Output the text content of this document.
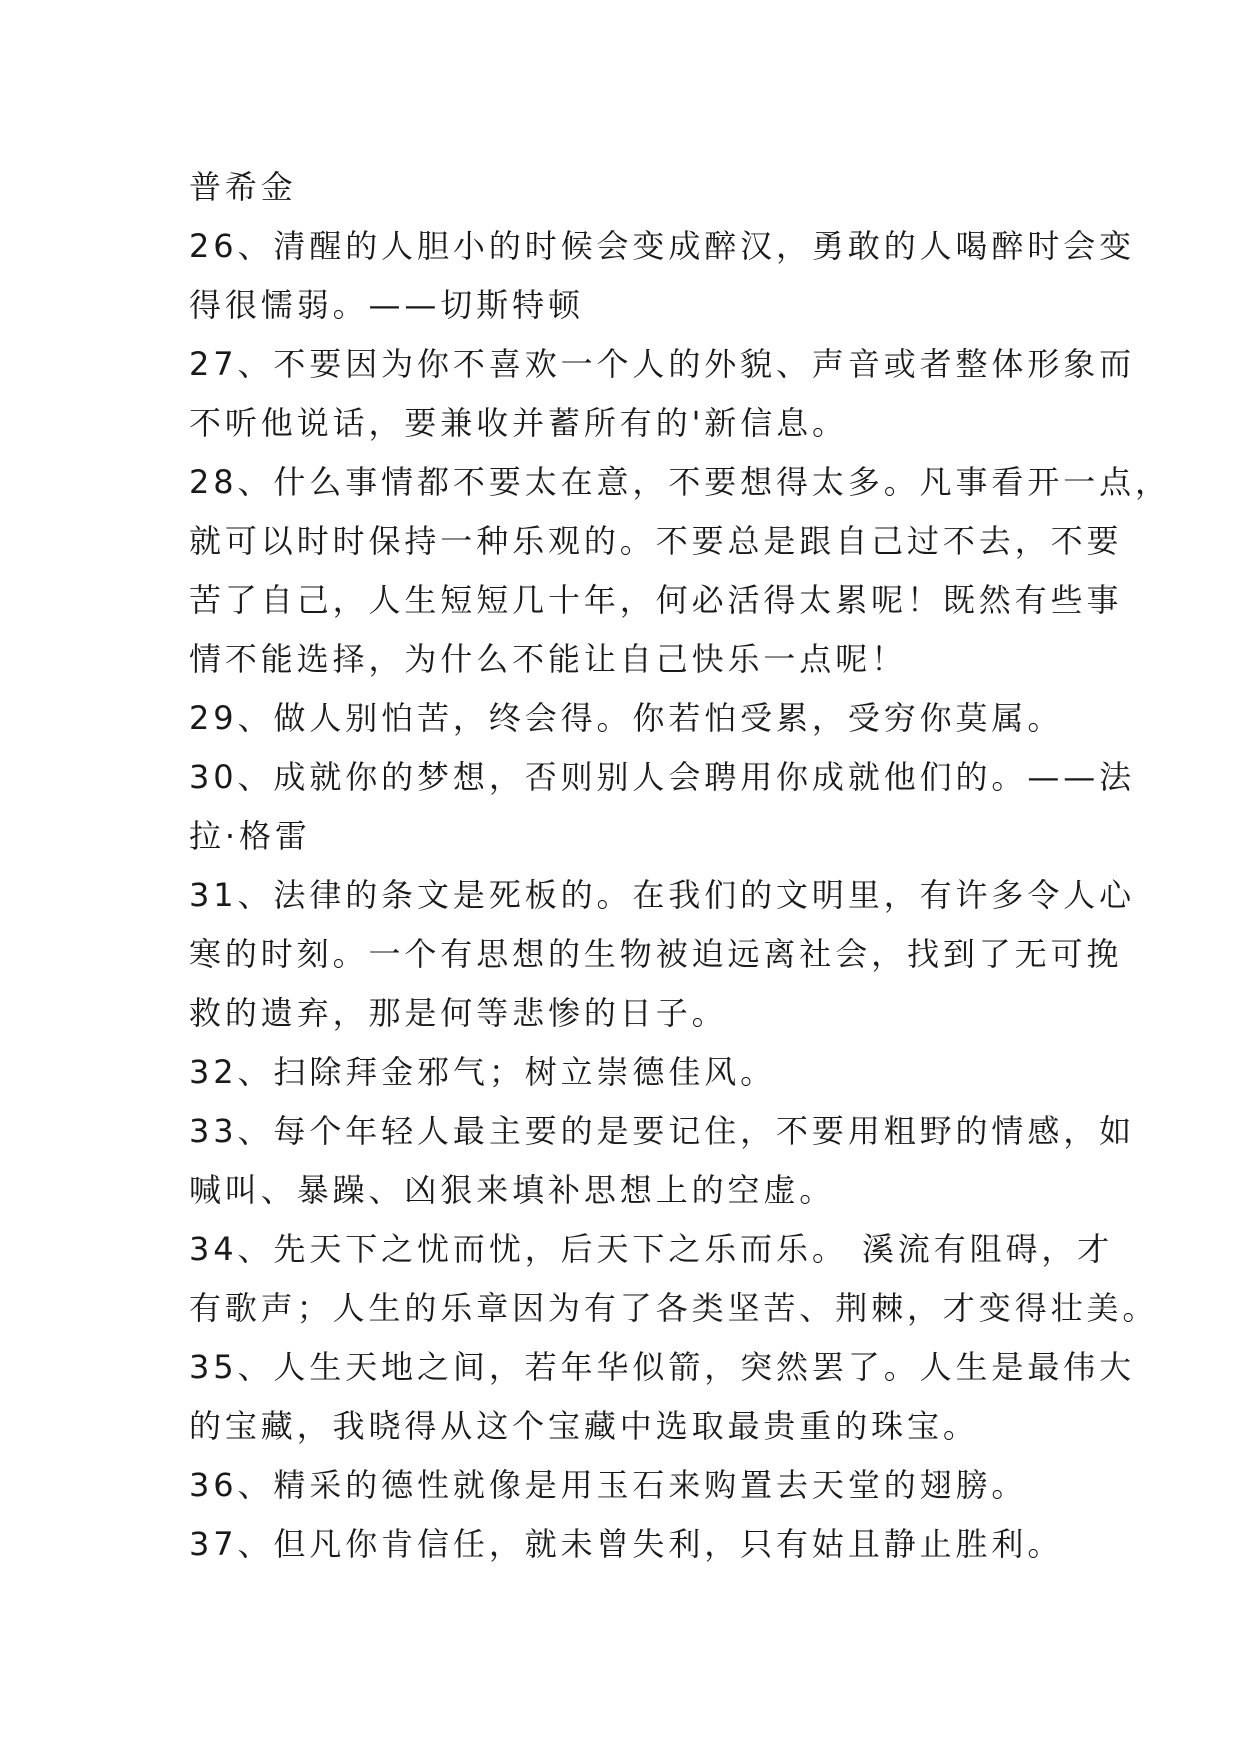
普希金
26、清醒的人胆小的时候会变成醉汉，勇敢的人喝醉时会变
得很懦弱。——切斯特顿
27、不要因为你不喜欢一个人的外貌、声音或者整体形象而
不听他说话，要兼收并蓄所有的'新信息。
28、什么事情都不要太在意，不要想得太多。凡事看开一点，
就可以时时保持一种乐观的。不要总是跟自己过不去，不要
苦了自己，人生短短几十年，何必活得太累呢！既然有些事
情不能选择，为什么不能让自己快乐一点呢！
29、做人别怕苦，终会得。你若怕受累，受穷你莫属。
30、成就你的梦想，否则别人会聘用你成就他们的。——法
拉·格雷
31、法律的条文是死板的。在我们的文明里，有许多令人心
寒的时刻。一个有思想的生物被迫远离社会，找到了无可挽
救的遗弃，那是何等悲惨的日子。
32、扫除拜金邪气；树立崇德佳风。
33、每个年轻人最主要的是要记住，不要用粗野的情感，如
喊叫、暴躁、凶狠来填补思想上的空虚。
34、先天下之忧而忧，后天下之乐而乐。 溪流有阻碍，才
有歌声；人生的乐章因为有了各类坚苦、荆棘，才变得壮美。
35、人生天地之间，若年华似箭，突然罢了。人生是最伟大
的宝藏，我晓得从这个宝藏中选取最贵重的珠宝。
36、精采的德性就像是用玉石来购置去天堂的翅膀。
37、但凡你肯信任，就未曾失利，只有姑且静止胜利。
